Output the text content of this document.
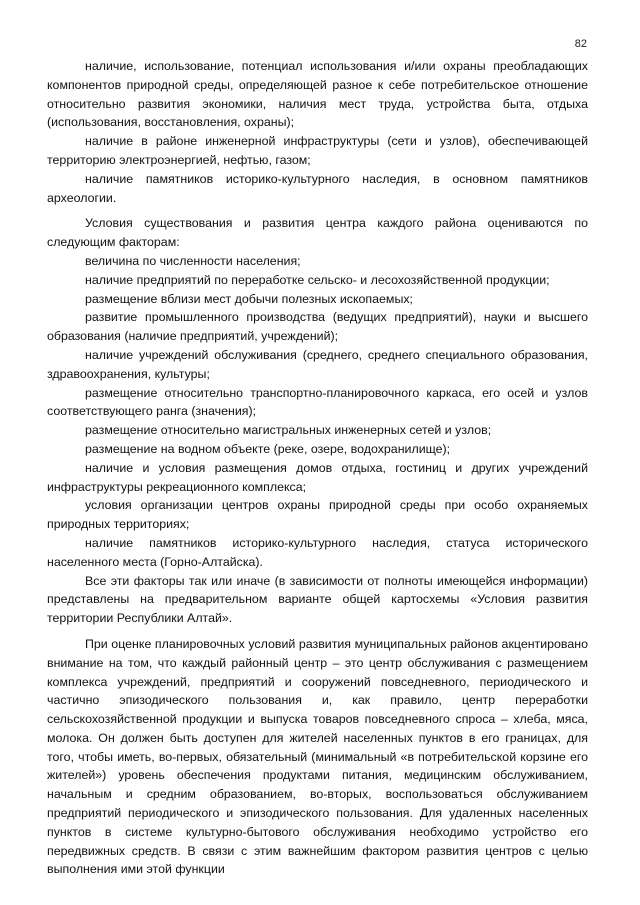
82

наличие, использование, потенциал использования и/или охраны преобладающих компонентов природной среды, определяющей разное к себе потребительское отношение относительно развития экономики, наличия мест труда, устройства быта, отдыха (использования, восстановления, охраны);

наличие в районе инженерной инфраструктуры (сети и узлов), обеспечивающей территорию электроэнергией, нефтью, газом;

наличие памятников историко-культурного наследия, в основном памятников археологии.

Условия существования и развития центра каждого района оцениваются по следующим факторам:

величина по численности населения;

наличие предприятий по переработке сельско- и лесохозяйственной продукции;

размещение вблизи мест добычи полезных ископаемых;

развитие промышленного производства (ведущих предприятий), науки и высшего образования (наличие предприятий, учреждений);

наличие учреждений обслуживания (среднего, среднего специального образования, здравоохранения, культуры;

размещение относительно транспортно-планировочного каркаса, его осей и узлов соответствующего ранга (значения);

размещение относительно магистральных инженерных сетей и узлов;

размещение на водном объекте (реке, озере, водохранилище);

наличие и условия размещения домов отдыха, гостиниц и других учреждений инфраструктуры рекреационного комплекса;

условия организации центров охраны природной среды при особо охраняемых природных территориях;

наличие памятников историко-культурного наследия, статуса исторического населенного места (Горно-Алтайска).

Все эти факторы так или иначе (в зависимости от полноты имеющейся информации) представлены на предварительном варианте общей картосхемы «Условия развития территории Республики Алтай».

При оценке планировочных условий развития муниципальных районов акцентировано внимание на том, что каждый районный центр – это центр обслуживания с размещением комплекса учреждений, предприятий и сооружений повседневного, периодического и частично эпизодического пользования и, как правило, центр переработки сельскохозяйственной продукции и выпуска товаров повседневного спроса – хлеба, мяса, молока. Он должен быть доступен для жителей населенных пунктов в его границах, для того, чтобы иметь, во-первых, обязательный (минимальный «в потребительской корзине его жителей») уровень обеспечения продуктами питания, медицинским обслуживанием, начальным и средним образованием, во-вторых, воспользоваться обслуживанием предприятий периодического и эпизодического пользования. Для удаленных населенных пунктов в системе культурно-бытового обслуживания необходимо устройство его передвижных средств. В связи с этим важнейшим фактором развития центров с целью выполнения ими этой функции
